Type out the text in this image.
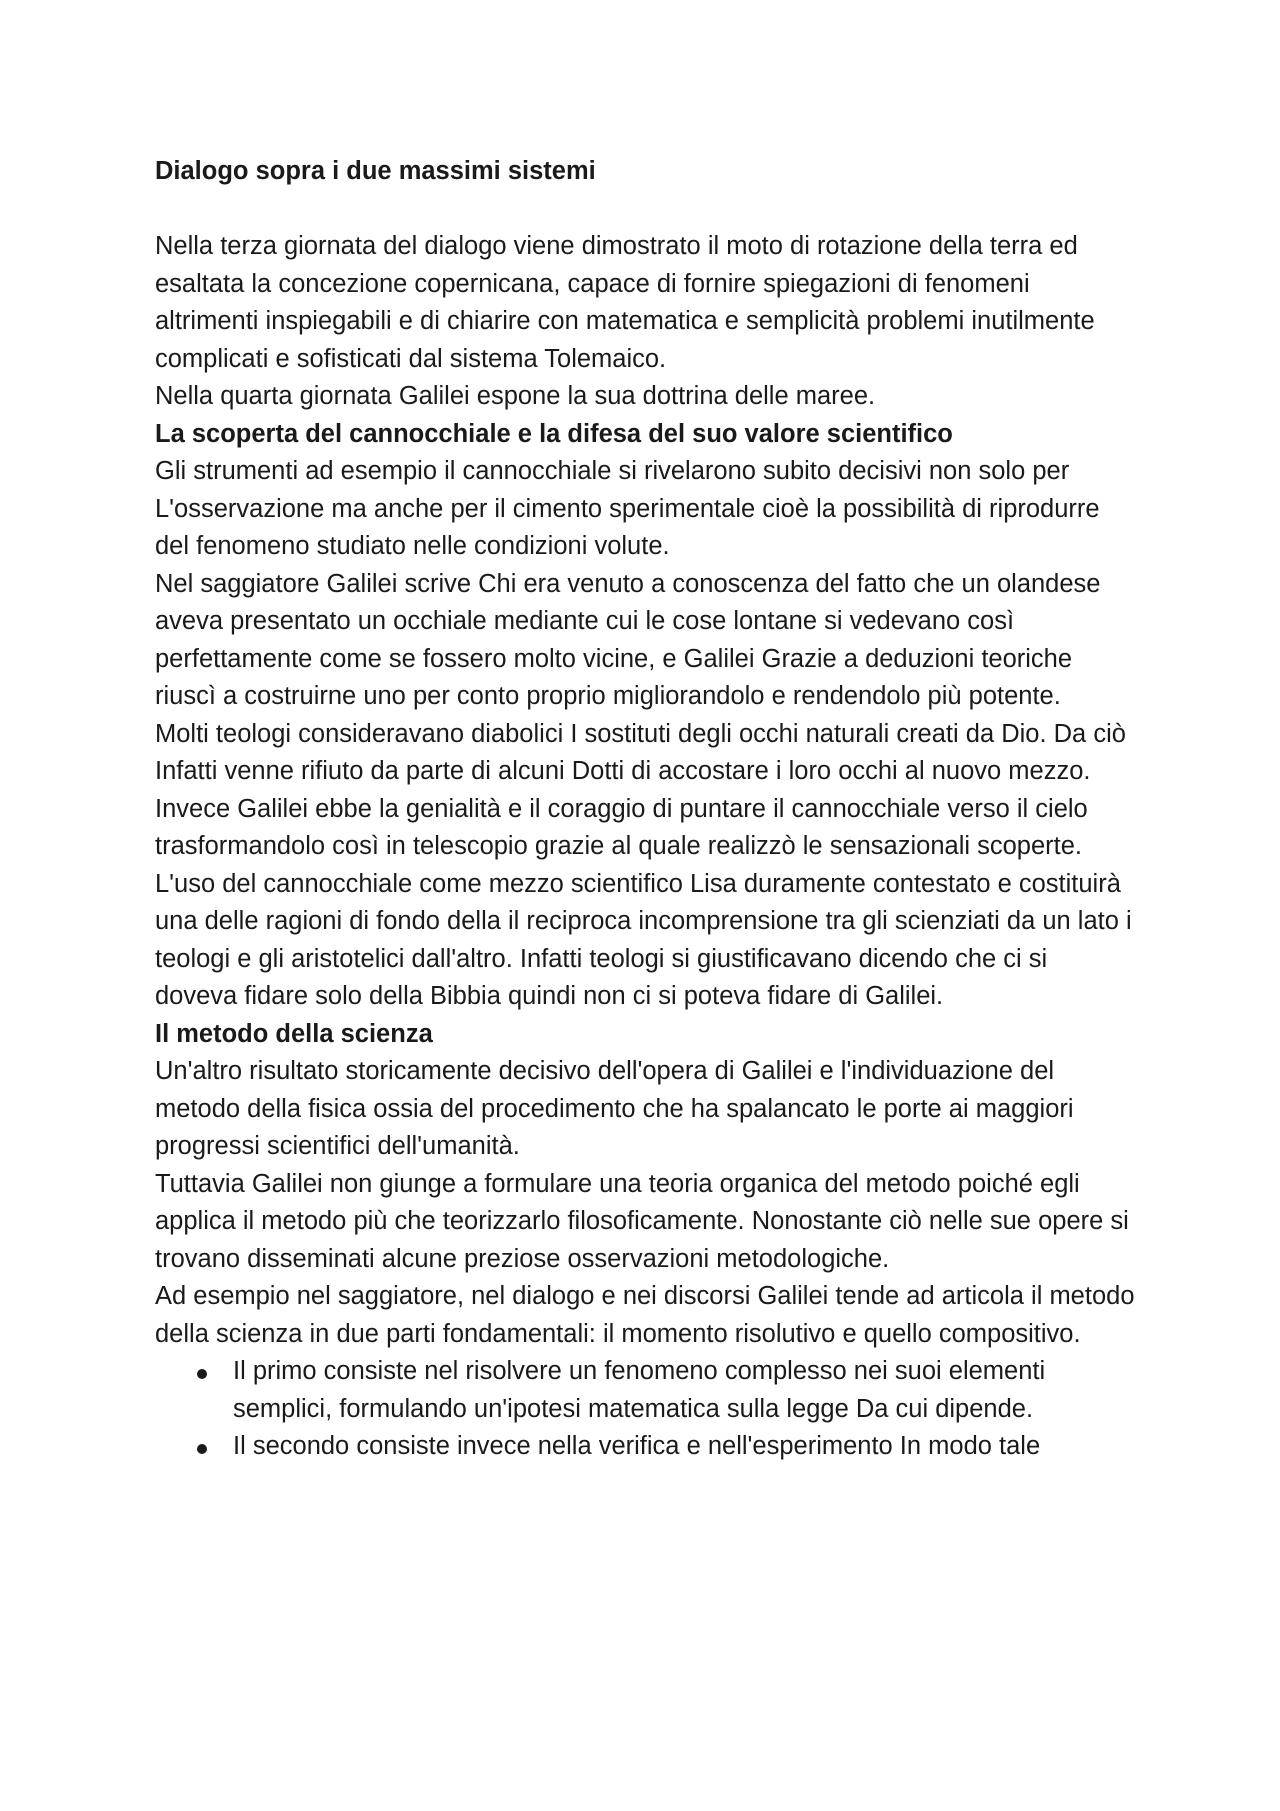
Dialogo sopra i due massimi sistemi

Nella terza giornata del dialogo viene dimostrato il moto di rotazione della terra ed esaltata la concezione copernicana, capace di fornire spiegazioni di fenomeni altrimenti inspiegabili e di chiarire con matematica e semplicità problemi inutilmente complicati e sofisticati dal sistema Tolemaico.

Nella quarta giornata Galilei espone la sua dottrina delle maree.

La scoperta del cannocchiale e la difesa del suo valore scientifico

Gli strumenti ad esempio il cannocchiale si rivelarono subito decisivi non solo per L'osservazione ma anche per il cimento sperimentale cioè la possibilità di riprodurre del fenomeno studiato nelle condizioni volute.

Nel saggiatore Galilei scrive Chi era venuto a conoscenza del fatto che un olandese aveva presentato un occhiale mediante cui le cose lontane si vedevano così perfettamente come se fossero molto vicine, e Galilei Grazie a deduzioni teoriche riuscì a costruirne uno per conto proprio migliorandolo e rendendolo più potente.

Molti teologi consideravano diabolici I sostituti degli occhi naturali creati da Dio. Da ciò Infatti venne rifiuto da parte di alcuni Dotti di accostare i loro occhi al nuovo mezzo.

Invece Galilei ebbe la genialità e il coraggio di puntare il cannocchiale verso il cielo trasformandolo così in telescopio grazie al quale realizzò le sensazionali scoperte.

L'uso del cannocchiale come mezzo scientifico Lisa duramente contestato e costituirà una delle ragioni di fondo della il reciproca incomprensione tra gli scienziati da un lato i teologi e gli aristotelici dall'altro. Infatti teologi si giustificavano dicendo che ci si doveva fidare solo della Bibbia quindi non ci si poteva fidare di Galilei.

Il metodo della scienza

Un'altro risultato storicamente decisivo dell'opera di Galilei e l'individuazione del metodo della fisica ossia del procedimento che ha spalancato le porte ai maggiori progressi scientifici dell'umanità.

Tuttavia Galilei non giunge a formulare una teoria organica del metodo poiché egli applica il metodo più che teorizzarlo filosoficamente. Nonostante ciò nelle sue opere si trovano disseminati alcune preziose osservazioni metodologiche.

Ad esempio nel saggiatore, nel dialogo e nei discorsi Galilei tende ad articola il metodo della scienza in due parti fondamentali: il momento risolutivo e quello compositivo.

Il primo consiste nel risolvere un fenomeno complesso nei suoi elementi semplici, formulando un'ipotesi matematica sulla legge Da cui dipende.
Il secondo consiste invece nella verifica e nell'esperimento In modo tale
